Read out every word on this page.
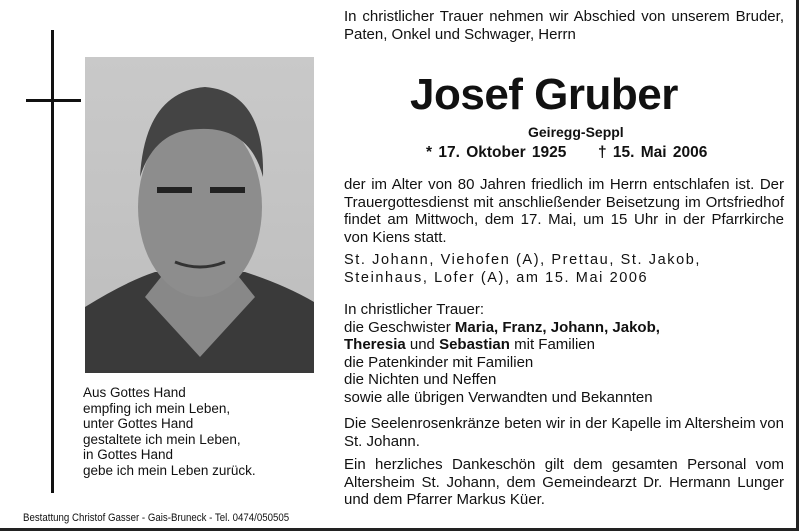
Aus Gottes Hand
empfing ich mein Leben,
unter Gottes Hand
gestaltete ich mein Leben,
in Gottes Hand
gebe ich mein Leben zurück.
Bestattung Christof Gasser - Gais-Bruneck - Tel. 0474/050505
In christlicher Trauer nehmen wir Abschied von unserem Bruder, Paten, Onkel und Schwager, Herrn
Josef Gruber
Geiregg-Seppl
* 17. Oktober 1925 † 15. Mai 2006
der im Alter von 80 Jahren friedlich im Herrn entschlafen ist. Der Trauergottesdienst mit anschließender Beisetzung im Ortsfriedhof findet am Mittwoch, dem 17. Mai, um 15 Uhr in der Pfarrkirche von Kiens statt.
St. Johann, Viehofen (A), Prettau, St. Jakob, Steinhaus, Lofer (A), am 15. Mai 2006
In christlicher Trauer:
die Geschwister Maria, Franz, Johann, Jakob,
Theresia und Sebastian mit Familien
die Patenkinder mit Familien
die Nichten und Neffen
sowie alle übrigen Verwandten und Bekannten
Die Seelenrosenkränze beten wir in der Kapelle im Altersheim von St. Johann.
Ein herzliches Dankeschön gilt dem gesamten Personal vom Altersheim St. Johann, dem Gemeindearzt Dr. Hermann Lunger und dem Pfarrer Markus Küer.
